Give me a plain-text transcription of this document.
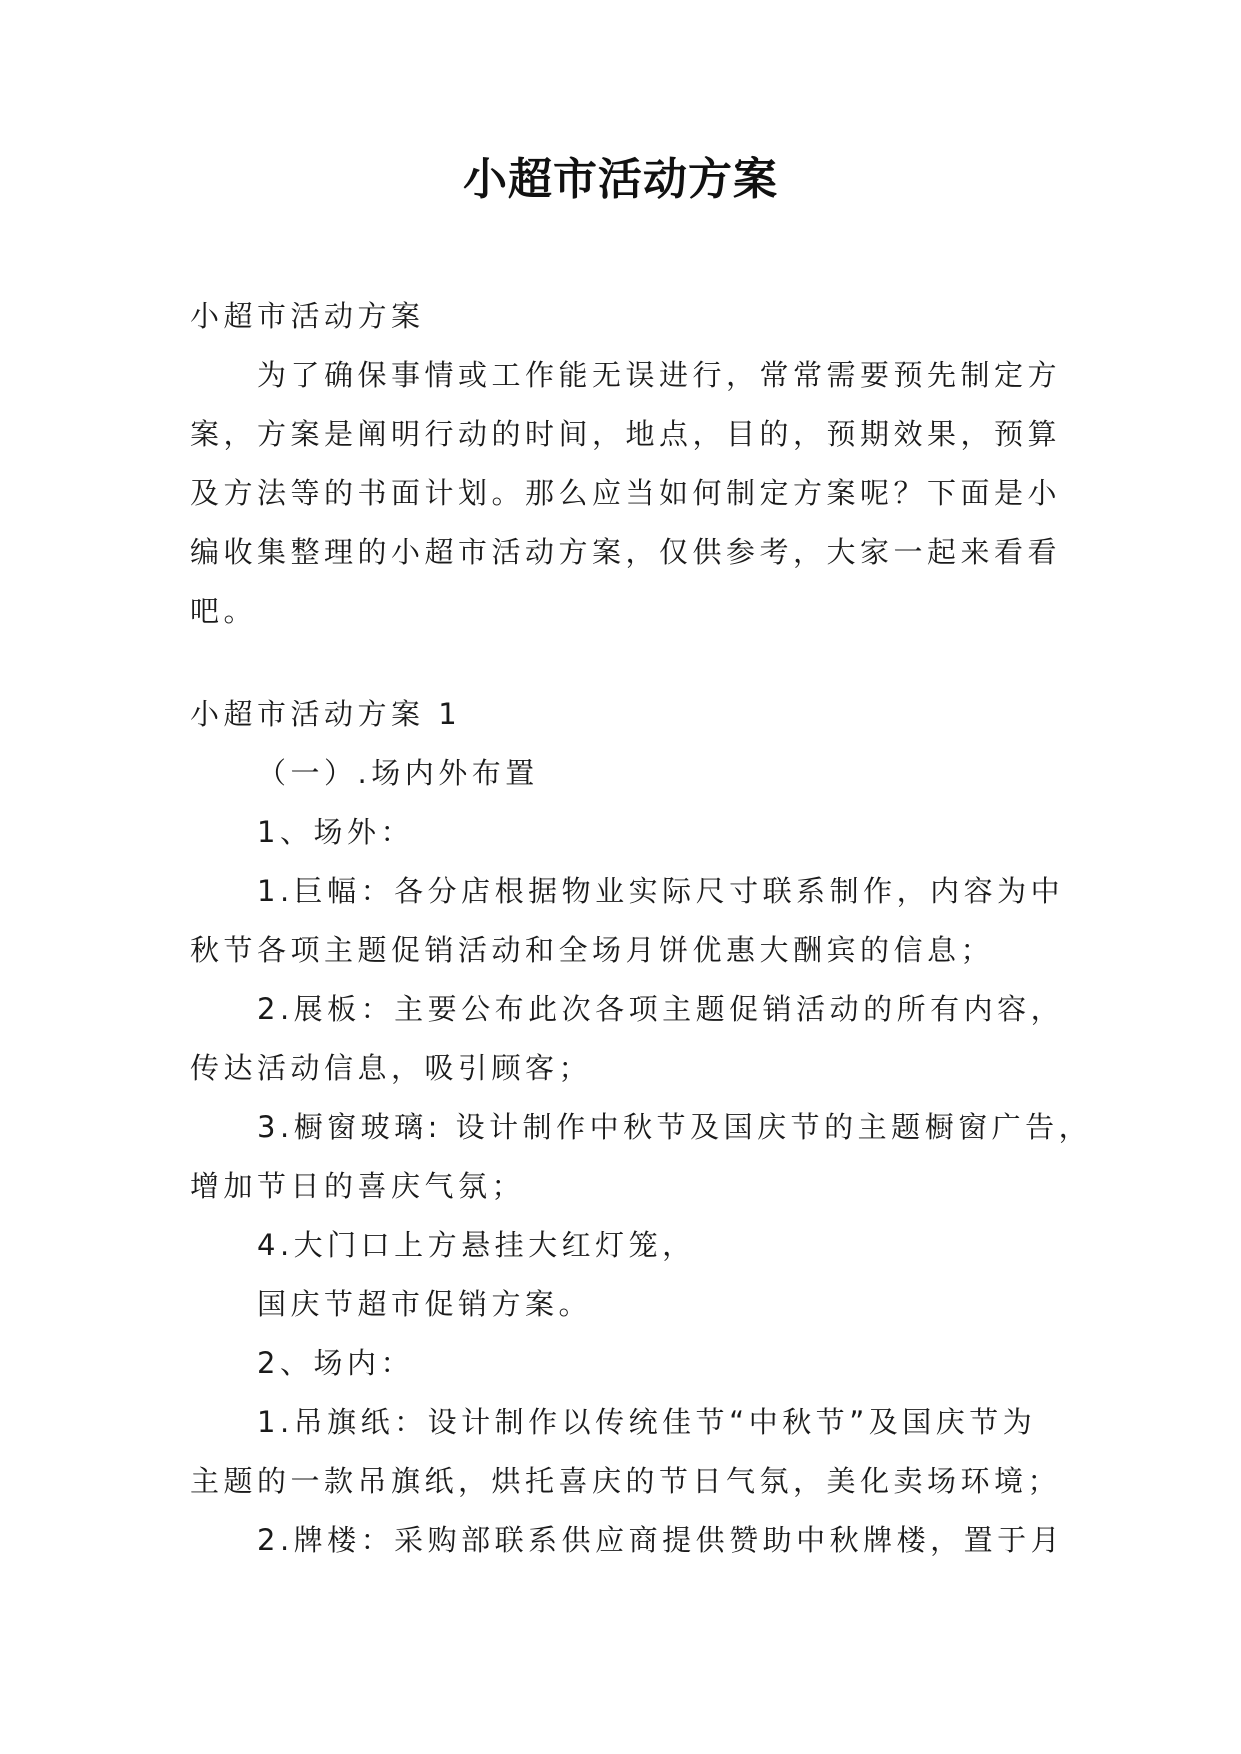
小超市活动方案
小超市活动方案
为了确保事情或工作能无误进行，常常需要预先制定方
案，方案是阐明行动的时间，地点，目的，预期效果，预算
及方法等的书面计划。那么应当如何制定方案呢？下面是小
编收集整理的小超市活动方案，仅供参考，大家一起来看看
吧。
小超市活动方案 1
（一）.场内外布置
1、场外：
1.巨幅：各分店根据物业实际尺寸联系制作，内容为中
秋节各项主题促销活动和全场月饼优惠大酬宾的信息；
2.展板：主要公布此次各项主题促销活动的所有内容，
传达活动信息，吸引顾客；
3.橱窗玻璃: 设计制作中秋节及国庆节的主题橱窗广告，
增加节日的喜庆气氛；
4.大门口上方悬挂大红灯笼，
国庆节超市促销方案。
2、场内：
1.吊旗纸：设计制作以传统佳节“中秋节”及国庆节为
主题的一款吊旗纸，烘托喜庆的节日气氛，美化卖场环境；
2.牌楼：采购部联系供应商提供赞助中秋牌楼，置于月
